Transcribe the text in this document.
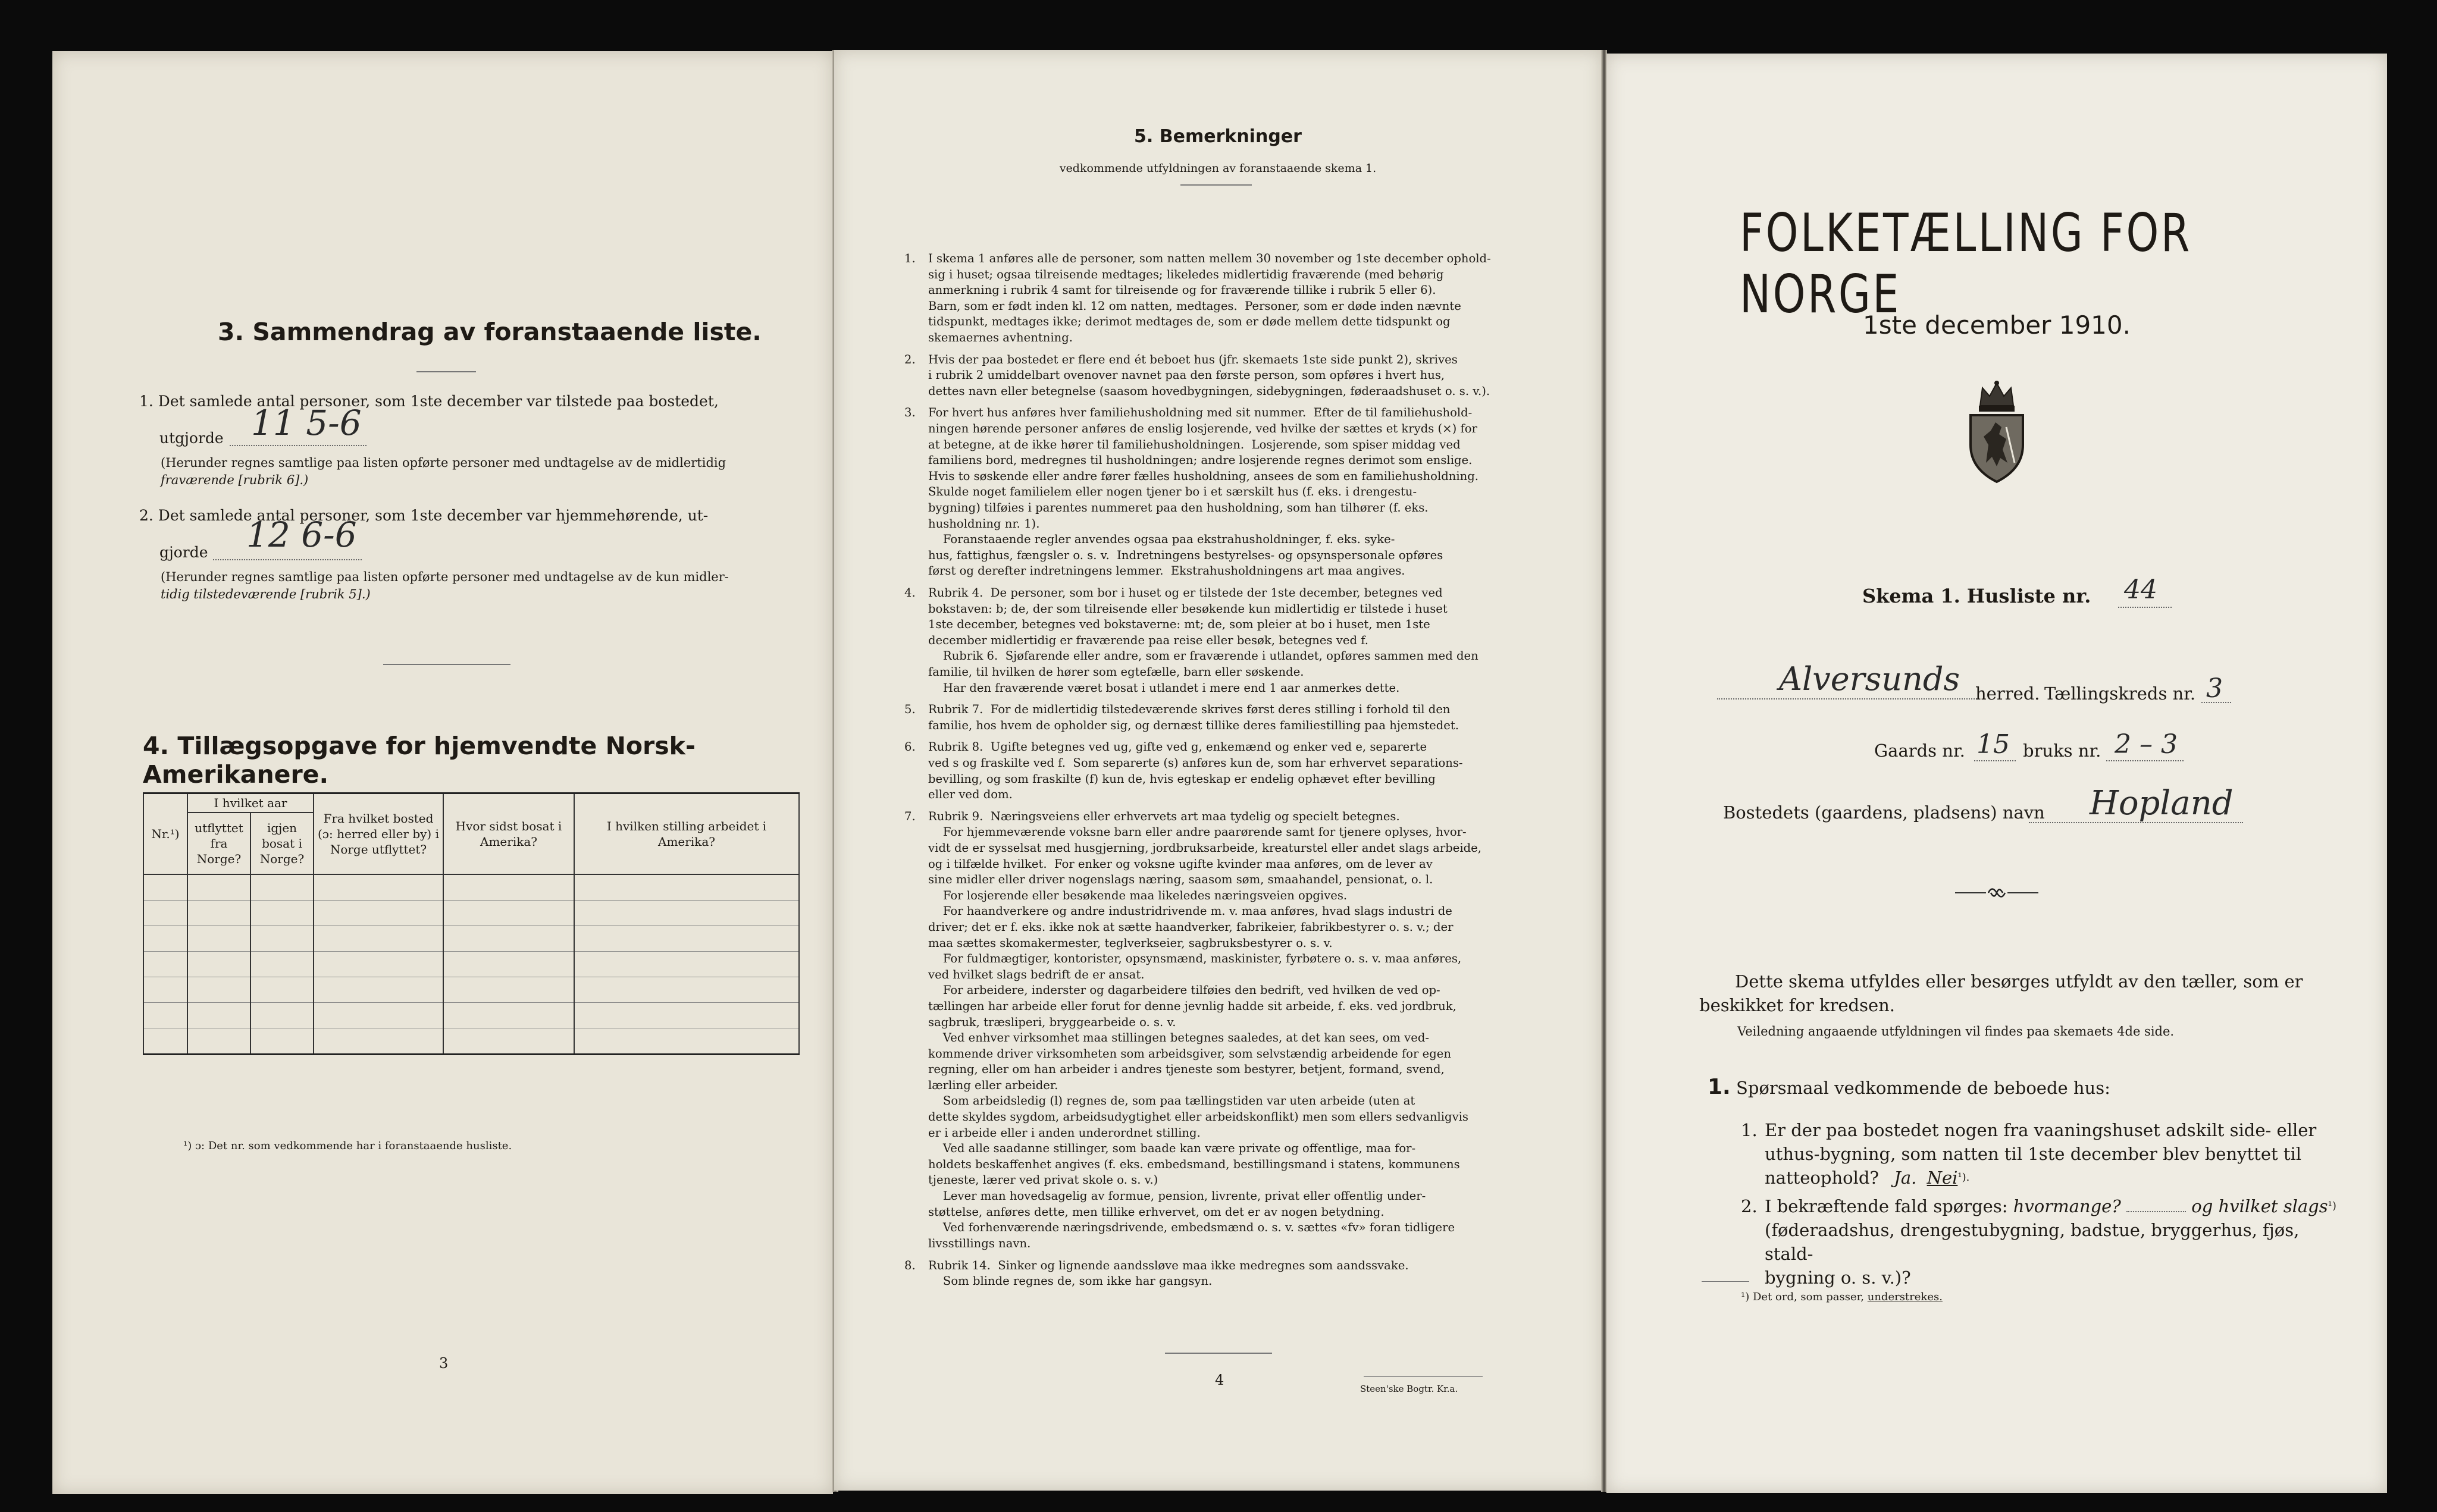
3. Sammendrag av foranstaaende liste.
1. Det samlede antal personer, som 1ste december var tilstede paa bostedet,
utgjorde 11 5-6
(Herunder regnes samtlige paa listen opførte personer med undtagelse av de midlertidig
fraværende [rubrik 6].)
2. Det samlede antal personer, som 1ste december var hjemmehørende, ut-
gjorde 12 6-6
(Herunder regnes samtlige paa listen opførte personer med undtagelse av de kun midler-
tidig tilstedeværende [rubrik 5].)
4. Tillægsopgave for hjemvendte Norsk-Amerikanere.
Nr.¹)	I hvilket aar		Fra hvilket bosted (ɔ: herred eller by) i Norge utflyttet?	Hvor sidst bosat i Amerika?	I hvilken stilling arbeidet i Amerika?
	utflyttet fra Norge?	igjen bosat i Norge?			

¹) ɔ: Det nr. som vedkommende har i foranstaaende husliste.
3
5. Bemerkninger
vedkommende utfyldningen av foranstaaende skema 1.
1. I skema 1 anføres alle de personer, som natten mellem 30 november og 1ste december ophold-
sig i huset; ogsaa tilreisende medtages; likeledes midlertidig fraværende (med behørig
anmerkning i rubrik 4 samt for tilreisende og for fraværende tillike i rubrik 5 eller 6).
Barn, som er født inden kl. 12 om natten, medtages.  Personer, som er døde inden nævnte
tidspunkt, medtages ikke; derimot medtages de, som er døde mellem dette tidspunkt og
skemaernes avhentning.
2. Hvis der paa bostedet er flere end ét beboet hus (jfr. skemaets 1ste side punkt 2), skrives
i rubrik 2 umiddelbart ovenover navnet paa den første person, som opføres i hvert hus,
dettes navn eller betegnelse (saasom hovedbygningen, sidebygningen, føderaadshuset o. s. v.).
3. For hvert hus anføres hver familiehusholdning med sit nummer.  Efter de til familiehushold-
ningen hørende personer anføres de enslig losjerende, ved hvilke der sættes et kryds (×) for
at betegne, at de ikke hører til familiehusholdningen.  Losjerende, som spiser middag ved
familiens bord, medregnes til husholdningen; andre losjerende regnes derimot som enslige.
Hvis to søskende eller andre fører fælles husholdning, ansees de som en familiehusholdning.
Skulde noget familielem eller nogen tjener bo i et særskilt hus (f. eks. i drengestu-
bygning) tilføies i parentes nummeret paa den husholdning, som han tilhører (f. eks.
husholdning nr. 1).
Foranstaaende regler anvendes ogsaa paa ekstrahusholdninger, f. eks. syke-
hus, fattighus, fængsler o. s. v.  Indretningens bestyrelses- og opsynspersonale opføres
først og derefter indretningens lemmer.  Ekstrahusholdningens art maa angives.
4. Rubrik 4.  De personer, som bor i huset og er tilstede der 1ste december, betegnes ved
bokstaven: b; de, der som tilreisende eller besøkende kun midlertidig er tilstede i huset
1ste december, betegnes ved bokstaverne: mt; de, som pleier at bo i huset, men 1ste
december midlertidig er fraværende paa reise eller besøk, betegnes ved f.
Rubrik 6.  Sjøfarende eller andre, som er fraværende i utlandet, opføres sammen med den
familie, til hvilken de hører som egtefælle, barn eller søskende.
Har den fraværende været bosat i utlandet i mere end 1 aar anmerkes dette.
5. Rubrik 7.  For de midlertidig tilstedeværende skrives først deres stilling i forhold til den
familie, hos hvem de opholder sig, og dernæst tillike deres familiestilling paa hjemstedet.
6. Rubrik 8.  Ugifte betegnes ved ug, gifte ved g, enkemænd og enker ved e, separerte
ved s og fraskilte ved f.  Som separerte (s) anføres kun de, som har erhvervet separations-
bevilling, og som fraskilte (f) kun de, hvis egteskap er endelig ophævet efter bevilling
eller ved dom.
7. Rubrik 9.  Næringsveiens eller erhvervets art maa tydelig og specielt betegnes.
For hjemmeværende voksne barn eller andre paarørende samt for tjenere oplyses, hvor-
vidt de er sysselsat med husgjerning, jordbruksarbeide, kreaturstel eller andet slags arbeide,
og i tilfælde hvilket.  For enker og voksne ugifte kvinder maa anføres, om de lever av
sine midler eller driver nogenslags næring, saasom søm, smaahandel, pensionat, o. l.
For losjerende eller besøkende maa likeledes næringsveien opgives.
For haandverkere og andre industridrivende m. v. maa anføres, hvad slags industri de
driver; det er f. eks. ikke nok at sætte haandverker, fabrikeier, fabrikbestyrer o. s. v.; der
maa sættes skomakermester, teglverkseier, sagbruksbestyrer o. s. v.
For fuldmægtiger, kontorister, opsynsmænd, maskinister, fyrbøtere o. s. v. maa anføres,
ved hvilket slags bedrift de er ansat.
For arbeidere, inderster og dagarbeidere tilføies den bedrift, ved hvilken de ved op-
tællingen har arbeide eller forut for denne jevnlig hadde sit arbeide, f. eks. ved jordbruk,
sagbruk, træsliperi, bryggearbeide o. s. v.
Ved enhver virksomhet maa stillingen betegnes saaledes, at det kan sees, om ved-
kommende driver virksomheten som arbeidsgiver, som selvstændig arbeidende for egen
regning, eller om han arbeider i andres tjeneste som bestyrer, betjent, formand, svend,
lærling eller arbeider.
Som arbeidsledig (l) regnes de, som paa tællingstiden var uten arbeide (uten at
dette skyldes sygdom, arbeidsudygtighet eller arbeidskonflikt) men som ellers sedvanligvis
er i arbeide eller i anden underordnet stilling.
Ved alle saadanne stillinger, som baade kan være private og offentlige, maa for-
holdets beskaffenhet angives (f. eks. embedsmand, bestillingsmand i statens, kommunens
tjeneste, lærer ved privat skole o. s. v.)
Lever man hovedsagelig av formue, pension, livrente, privat eller offentlig under-
støttelse, anføres dette, men tillike erhvervet, om det er av nogen betydning.
Ved forhenværende næringsdrivende, embedsmænd o. s. v. sættes «fv» foran tidligere
livsstillings navn.
8. Rubrik 14.  Sinker og lignende aandssløve maa ikke medregnes som aandssvake.
Som blinde regnes de, som ikke har gangsyn.
4
Steen'ske Bogtr. Kr.a.
FOLKETÆLLING FOR NORGE
1ste december 1910.
Skema 1. Husliste nr. 44
Alversunds herred. Tællingskreds nr. 3
Gaards nr. 15 bruks nr. 2 – 3
Bostedets (gaardens, pladsens) navn Hopland
Dette skema utfyldes eller besørges utfyldt av den tæller, som er
beskikket for kredsen.
Veiledning angaaende utfyldningen vil findes paa skemaets 4de side.
1. Spørsmaal vedkommende de beboede hus:
1. Er der paa bostedet nogen fra vaaningshuset adskilt side- eller
uthus-bygning, som natten til 1ste december blev benyttet til
natteophold? Ja. Nei$^{^1).}$
2. I bekræftende fald spørges: hvormange?	og hvilket slags$^{^1)}$
(føderaadshus, drengestubygning, badstue, bryggerhus, fjøs, stald-
bygning o. s. v.)?
¹) Det ord, som passer, understrekes.
